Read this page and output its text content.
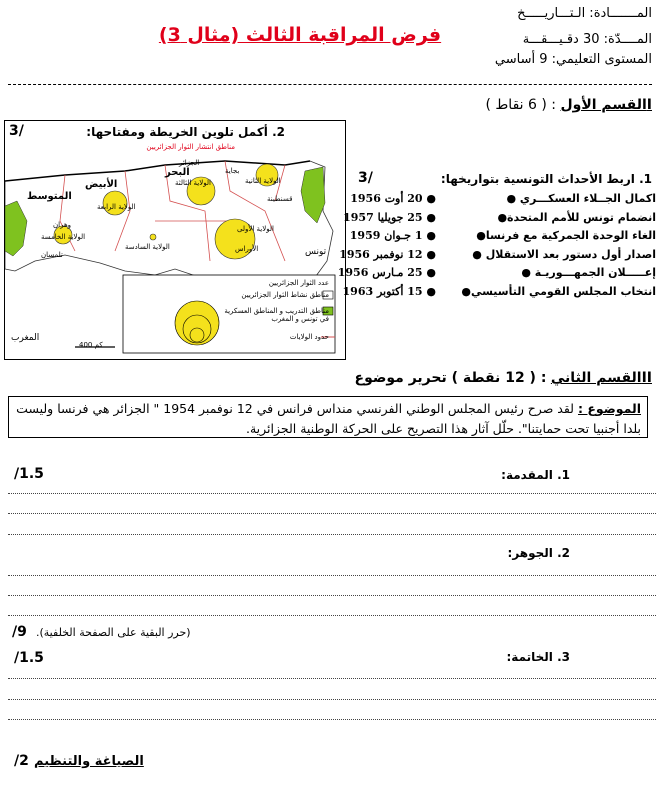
المـــــــادة: الـتـــاريـــــخ
المــــدّة: 30 دقـيـــقـــة
المستوى التعليمي: 9 أساسي
فرض المراقبة الثالث (مثال 3)
Iالقسم الأول : ( 6 نقاط )
3/	2. أكمل تلوين الخريطة ومفتاحها:
مناطق انتشار الثوار الجزائريين
البحر
الأبيض
المتوسط
تونس
المغرب
الولاية الأولى
الولاية الثانية
الولاية الثالثة
الولاية الرابعة
الولاية الخامسة
الولاية السادسة
بجاية
الجزائر
قسنطينة
وهران
تلمسان
الأوراس
عدد الثوار الجزائريين
مناطق نشاط الثوار الجزائريين
مناطق التدريب و المناطق العسكرية في تونس و المغرب
حدود الولايات
400 كم
3/	1. اربط الأحداث التونسية بتواريخها:
● 20 أوت 1956	اكمال الجــلاء العسكـــري ●
● 25 جويليا 1957	انضمام تونس للأمم المتحدة●
● 1 جـوان 1959	الغاء الوحدة الجمركية مع فرنسا●
● 12 نوفمبر 1956	اصدار أول دستور بعد الاستقلال ●
● 25 مـارس 1956	إعـــــلان الجمهـــوريـة ●
● 15 أكتوبر 1963	انتخاب المجلس القومي التأسيسي●
IIالقسم الثاني : ( 12 نقطة ) تحرير موضوع
الموضوع : لقد صرح رئيس المجلس الوطني الفرنسي منداس فرانس في 12 نوفمبر 1954 " الجزائر هي فرنسا وليست بلدا أجنبيا تحت حمايتنا". حلّل آثار هذا التصريح على الحركة الوطنية الجزائرية.
/1.5	1. المقدمة:
2. الجوهر:
/9 (حرر البقية على الصفحة الخلفية).
/1.5	3. الخاتمة:
/2 الصياغة والتنظيم
